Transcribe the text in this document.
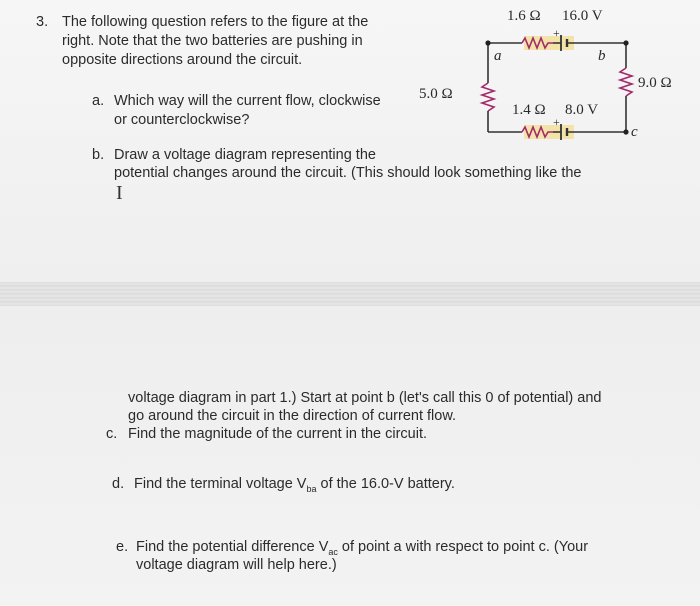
3. The following question refers to the figure at the
right. Note that the two batteries are pushing in
opposite directions around the circuit.
a. Which way will the current flow, clockwise
or counterclockwise?
b. Draw a voltage diagram representing the
potential changes around the circuit. (This should look something like the
I
voltage diagram in part 1.) Start at point b (let's call this 0 of potential) and
go around the circuit in the direction of current flow.
c. Find the magnitude of the current in the circuit.
d. Find the terminal voltage $V_{ba}$ of the 16.0-V battery.
e. Find the potential difference $V_{ac}$ of point a with respect to point c. (Your
voltage diagram will help here.)
1.6 Ω 16.0 V
+
a	b
5.0 Ω
9.0 Ω
1.4 Ω 8.0 V
+
c
